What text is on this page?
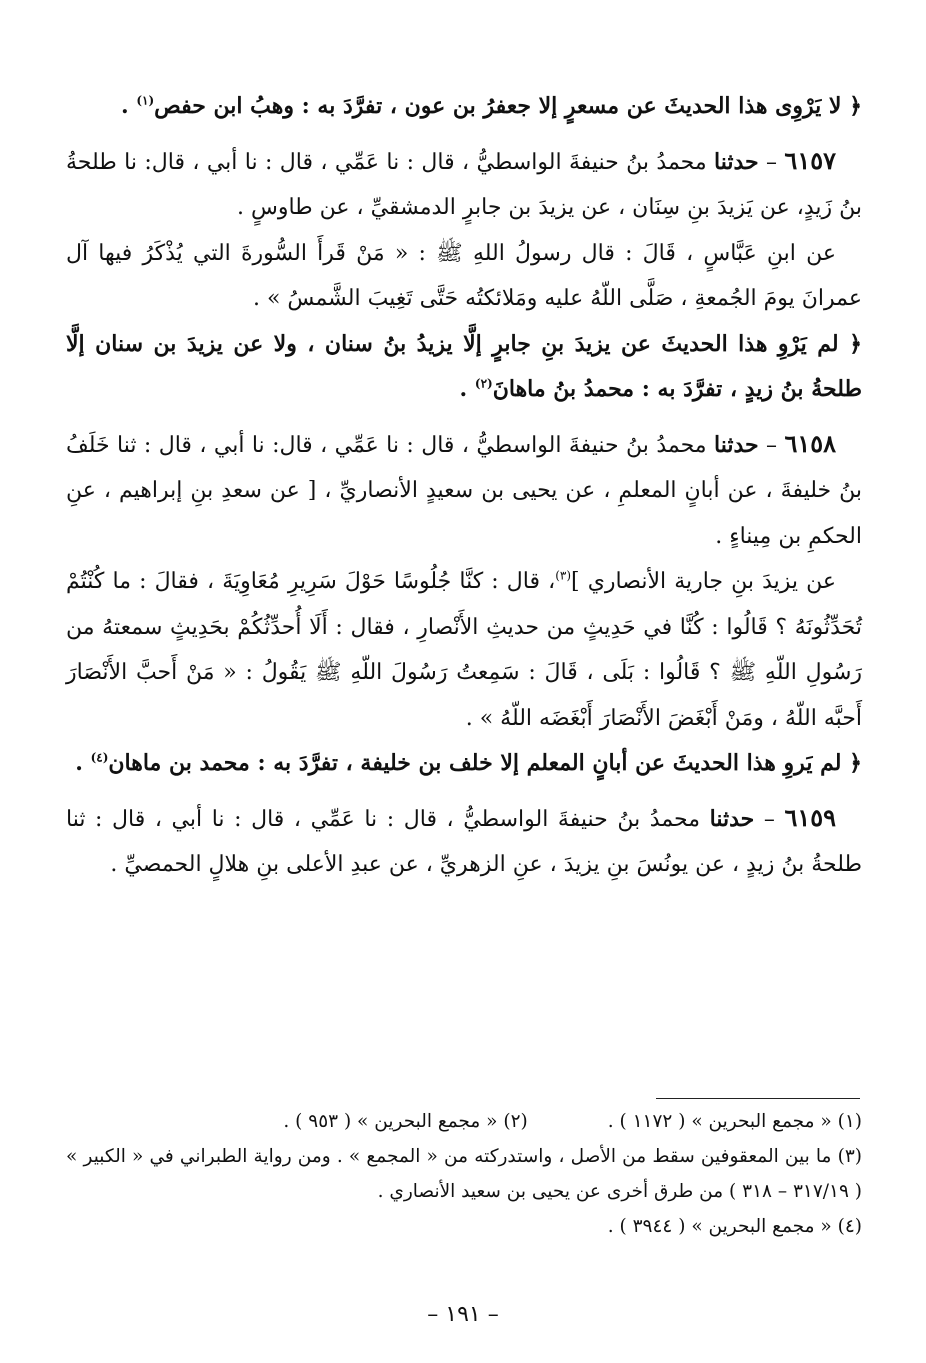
﴿ لا يَرْوِى هذا الحديثَ عن مسعرٍ إلا جعفرُ بن عون ، تفرَّدَ به : وهبُ ابن حفص$^{(١)}$ .

٦١٥٧ – حدثنا محمدُ بنُ حنيفةَ الواسطيُّ ، قال : نا عَمِّي ، قال : نا أبي ، قال: نا طلحةُ بنُ زَيدٍ، عن يَزيدَ بنِ سِنَان ، عن يزيدَ بن جابرٍ الدمشقيِّ ، عن طاوسٍ .

عن ابنِ عَبَّاسٍ ، قَالَ : قال رسولُ اللهِ ﷺ : « مَنْ قَرأَ السُّورةَ التي يُذْكَرُ فيها آل عمرانَ يومَ الجُمعةِ ، صَلَّى اللّهُ عليه ومَلائكتُه حَتَّى تَغِيبَ الشَّمسُ » .

﴿ لم يَرْوِ هذا الحديثَ عن يزيدَ بنِ جابرٍ إلَّا يزيدُ بنُ سنان ، ولا عن يزيدَ بن سنان إلَّا طلحةُ بنُ زيدٍ ، تفرَّدَ به : محمدُ بنُ ماهانَ$^{(٢)}$ .

٦١٥٨ – حدثنا محمدُ بنُ حنيفةَ الواسطيُّ ، قال : نا عَمِّي ، قال: نا أبي ، قال : ثنا خَلَفُ بنُ خليفةَ ، عن أبانٍ المعلمِ ، عن يحيى بن سعيدٍ الأنصاريِّ ، [ عن سعدِ بنِ إبراهيم ، عنِ الحكمِ بن مِيناءٍ .

عن يزيدَ بنِ جارية الأنصاري ]$^{(٣)}$، قال : كنَّا جُلُوسًا حَوْلَ سَرِيرِ مُعَاوِيَةَ ، فقالَ : ما كُنْتُمْ تُحَدِّثُونَهُ ؟ قَالُوا : كُنَّا في حَدِيثٍ من حديثِ الأَنْصارِ ، فقال : أَلَا أُحدِّثُكُمْ بحَدِيثٍ سمعتهُ من رَسُولِ اللّهِ ﷺ ؟ قَالُوا : بَلَى ، قَالَ : سَمِعتُ رَسُولَ اللّهِ ﷺ يَقُولُ : « مَنْ أَحبَّ الأَنْصَارَ أَحبَّه اللّهُ ، ومَنْ أَبْغَضَ الأَنْصَارَ أَبْغَضَه اللّهُ » .

﴿ لم يَروِ هذا الحديثَ عن أبانٍ المعلم إلا خلف بن خليفة ، تفرَّدَ به : محمد بن ماهان$^{(٤)}$ .

٦١٥٩ – حدثنا محمدُ بنُ حنيفةَ الواسطيُّ ، قال : نا عَمِّي ، قال : نا أبي ، قال : ثنا طلحةُ بنُ زيدٍ ، عن يونُسَ بنِ يزيدَ ، عنِ الزهريِّ ، عن عبدِ الأعلى بنِ هلالٍ الحمصيِّ .

(١) « مجمع البحرين » ( ١١٧٢ ) .
(٢) « مجمع البحرين » ( ٩٥٣ ) .

(٣) ما بين المعقوفين سقط من الأصل ، واستدركته من « المجمع » . ومن رواية الطبراني في « الكبير » ( ٣١٧/١٩ – ٣١٨ ) من طرق أخرى عن يحيى بن سعيد الأنصاري .

(٤) « مجمع البحرين » ( ٣٩٤٤ ) .

– ١٩١ –
